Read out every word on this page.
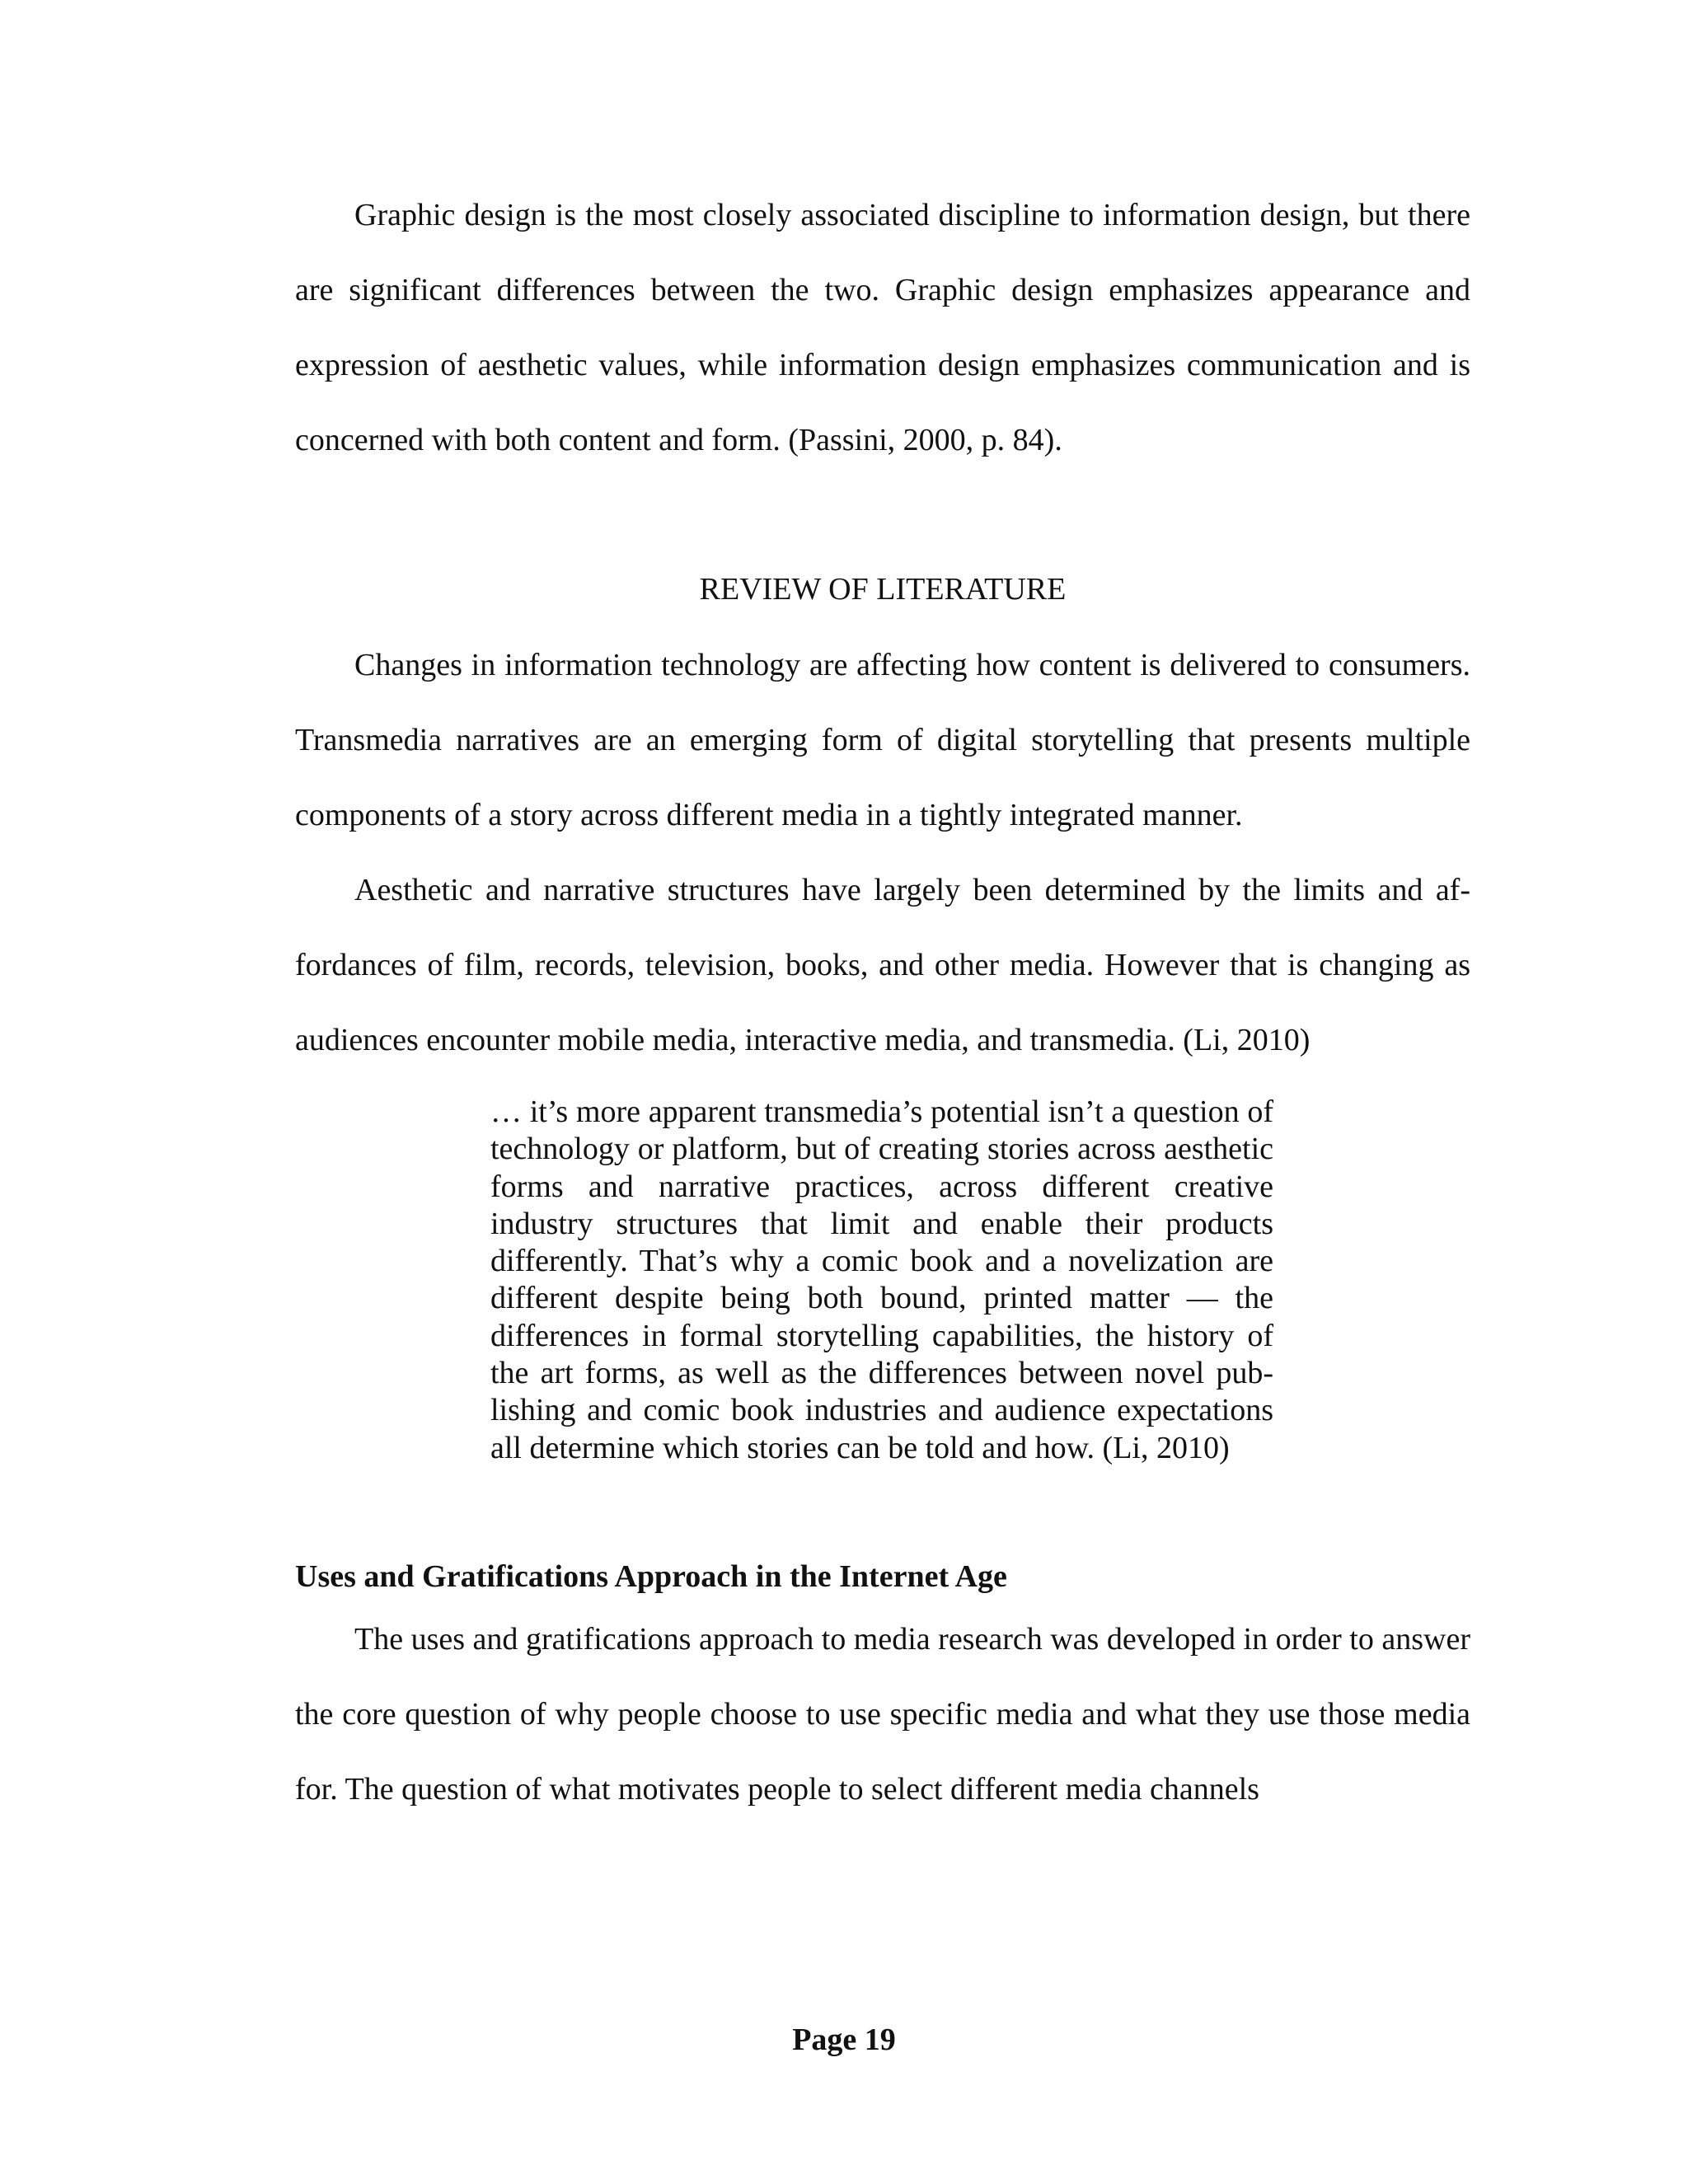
Graphic design is the most closely associated discipline to information design, but there are significant differences between the two. Graphic design emphasizes appearance and expression of aesthetic values, while information design emphasizes communication and is concerned with both content and form. (Passini, 2000, p. 84).

REVIEW OF LITERATURE

Changes in information technology are affecting how content is delivered to consumers. Transmedia narratives are an emerging form of digital storytelling that presents multiple components of a story across different media in a tightly integrated manner.

Aesthetic and narrative structures have largely been determined by the limits and affordances of film, records, television, books, and other media. However that is changing as audiences encounter mobile media, interactive media, and transmedia. (Li, 2010)

… it’s more apparent transmedia’s potential isn’t a question of technology or platform, but of creating stories across aesthetic forms and narrative practices, across different creative industry structures that limit and enable their products differently. That’s why a comic book and a novelization are different despite being both bound, printed matter — the differences in formal storytelling capabilities, the history of the art forms, as well as the differences between novel publishing and comic book industries and audience expectations all determine which stories can be told and how. (Li, 2010)

Uses and Gratifications Approach in the Internet Age

The uses and gratifications approach to media research was developed in order to answer the core question of why people choose to use specific media and what they use those media for. The question of what motivates people to select different media channels

Page 19
